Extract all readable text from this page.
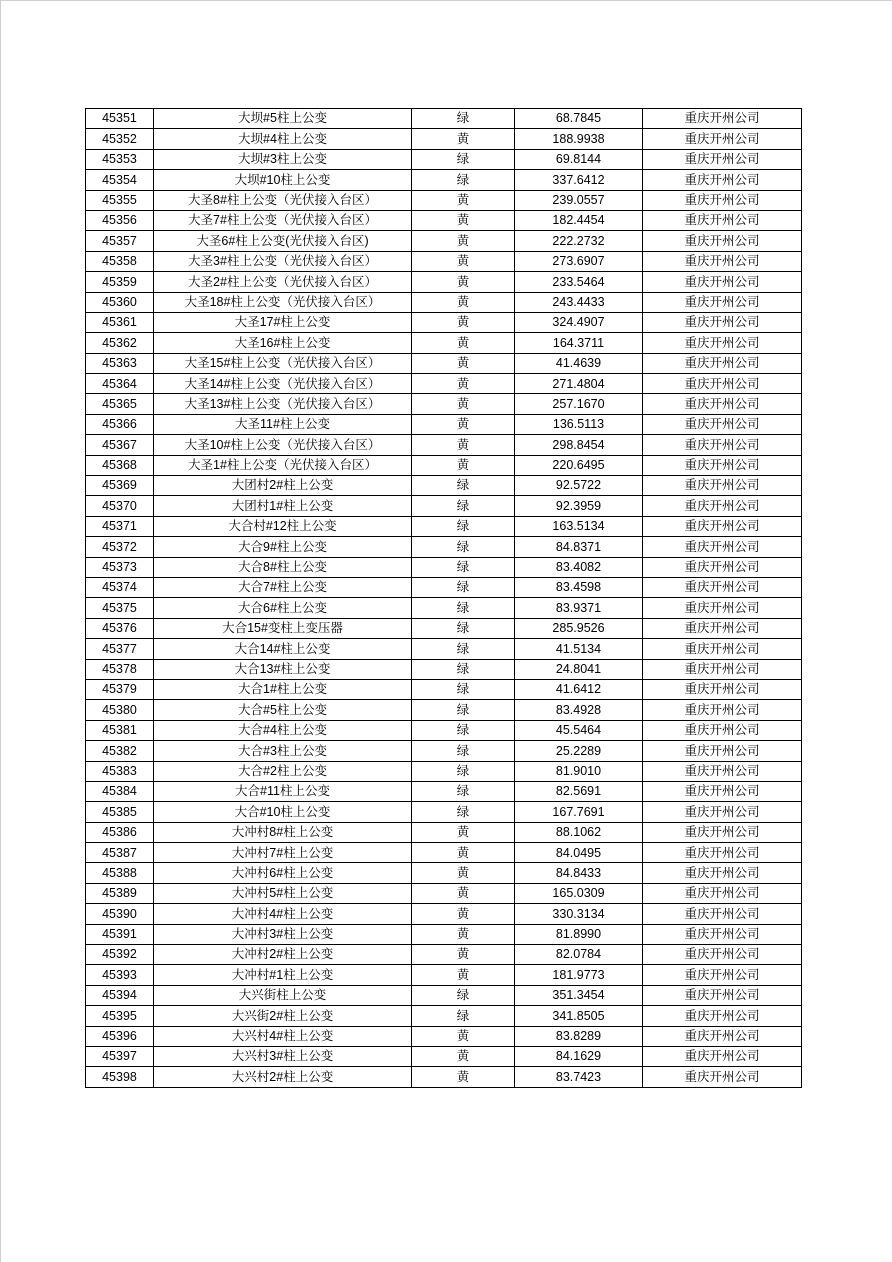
45351	大坝#5柱上公变	绿	68.7845	重庆开州公司
45352	大坝#4柱上公变	黄	188.9938	重庆开州公司
45353	大坝#3柱上公变	绿	69.8144	重庆开州公司
45354	大坝#10柱上公变	绿	337.6412	重庆开州公司
45355	大圣8#柱上公变（光伏接入台区）	黄	239.0557	重庆开州公司
45356	大圣7#柱上公变（光伏接入台区）	黄	182.4454	重庆开州公司
45357	大圣6#柱上公变(光伏接入台区)	黄	222.2732	重庆开州公司
45358	大圣3#柱上公变（光伏接入台区）	黄	273.6907	重庆开州公司
45359	大圣2#柱上公变（光伏接入台区）	黄	233.5464	重庆开州公司
45360	大圣18#柱上公变（光伏接入台区）	黄	243.4433	重庆开州公司
45361	大圣17#柱上公变	黄	324.4907	重庆开州公司
45362	大圣16#柱上公变	黄	164.3711	重庆开州公司
45363	大圣15#柱上公变（光伏接入台区）	黄	41.4639	重庆开州公司
45364	大圣14#柱上公变（光伏接入台区）	黄	271.4804	重庆开州公司
45365	大圣13#柱上公变（光伏接入台区）	黄	257.1670	重庆开州公司
45366	大圣11#柱上公变	黄	136.5113	重庆开州公司
45367	大圣10#柱上公变（光伏接入台区）	黄	298.8454	重庆开州公司
45368	大圣1#柱上公变（光伏接入台区）	黄	220.6495	重庆开州公司
45369	大团村2#柱上公变	绿	92.5722	重庆开州公司
45370	大团村1#柱上公变	绿	92.3959	重庆开州公司
45371	大合村#12柱上公变	绿	163.5134	重庆开州公司
45372	大合9#柱上公变	绿	84.8371	重庆开州公司
45373	大合8#柱上公变	绿	83.4082	重庆开州公司
45374	大合7#柱上公变	绿	83.4598	重庆开州公司
45375	大合6#柱上公变	绿	83.9371	重庆开州公司
45376	大合15#变柱上变压器	绿	285.9526	重庆开州公司
45377	大合14#柱上公变	绿	41.5134	重庆开州公司
45378	大合13#柱上公变	绿	24.8041	重庆开州公司
45379	大合1#柱上公变	绿	41.6412	重庆开州公司
45380	大合#5柱上公变	绿	83.4928	重庆开州公司
45381	大合#4柱上公变	绿	45.5464	重庆开州公司
45382	大合#3柱上公变	绿	25.2289	重庆开州公司
45383	大合#2柱上公变	绿	81.9010	重庆开州公司
45384	大合#11柱上公变	绿	82.5691	重庆开州公司
45385	大合#10柱上公变	绿	167.7691	重庆开州公司
45386	大冲村8#柱上公变	黄	88.1062	重庆开州公司
45387	大冲村7#柱上公变	黄	84.0495	重庆开州公司
45388	大冲村6#柱上公变	黄	84.8433	重庆开州公司
45389	大冲村5#柱上公变	黄	165.0309	重庆开州公司
45390	大冲村4#柱上公变	黄	330.3134	重庆开州公司
45391	大冲村3#柱上公变	黄	81.8990	重庆开州公司
45392	大冲村2#柱上公变	黄	82.0784	重庆开州公司
45393	大冲村#1柱上公变	黄	181.9773	重庆开州公司
45394	大兴街柱上公变	绿	351.3454	重庆开州公司
45395	大兴街2#柱上公变	绿	341.8505	重庆开州公司
45396	大兴村4#柱上公变	黄	83.8289	重庆开州公司
45397	大兴村3#柱上公变	黄	84.1629	重庆开州公司
45398	大兴村2#柱上公变	黄	83.7423	重庆开州公司
